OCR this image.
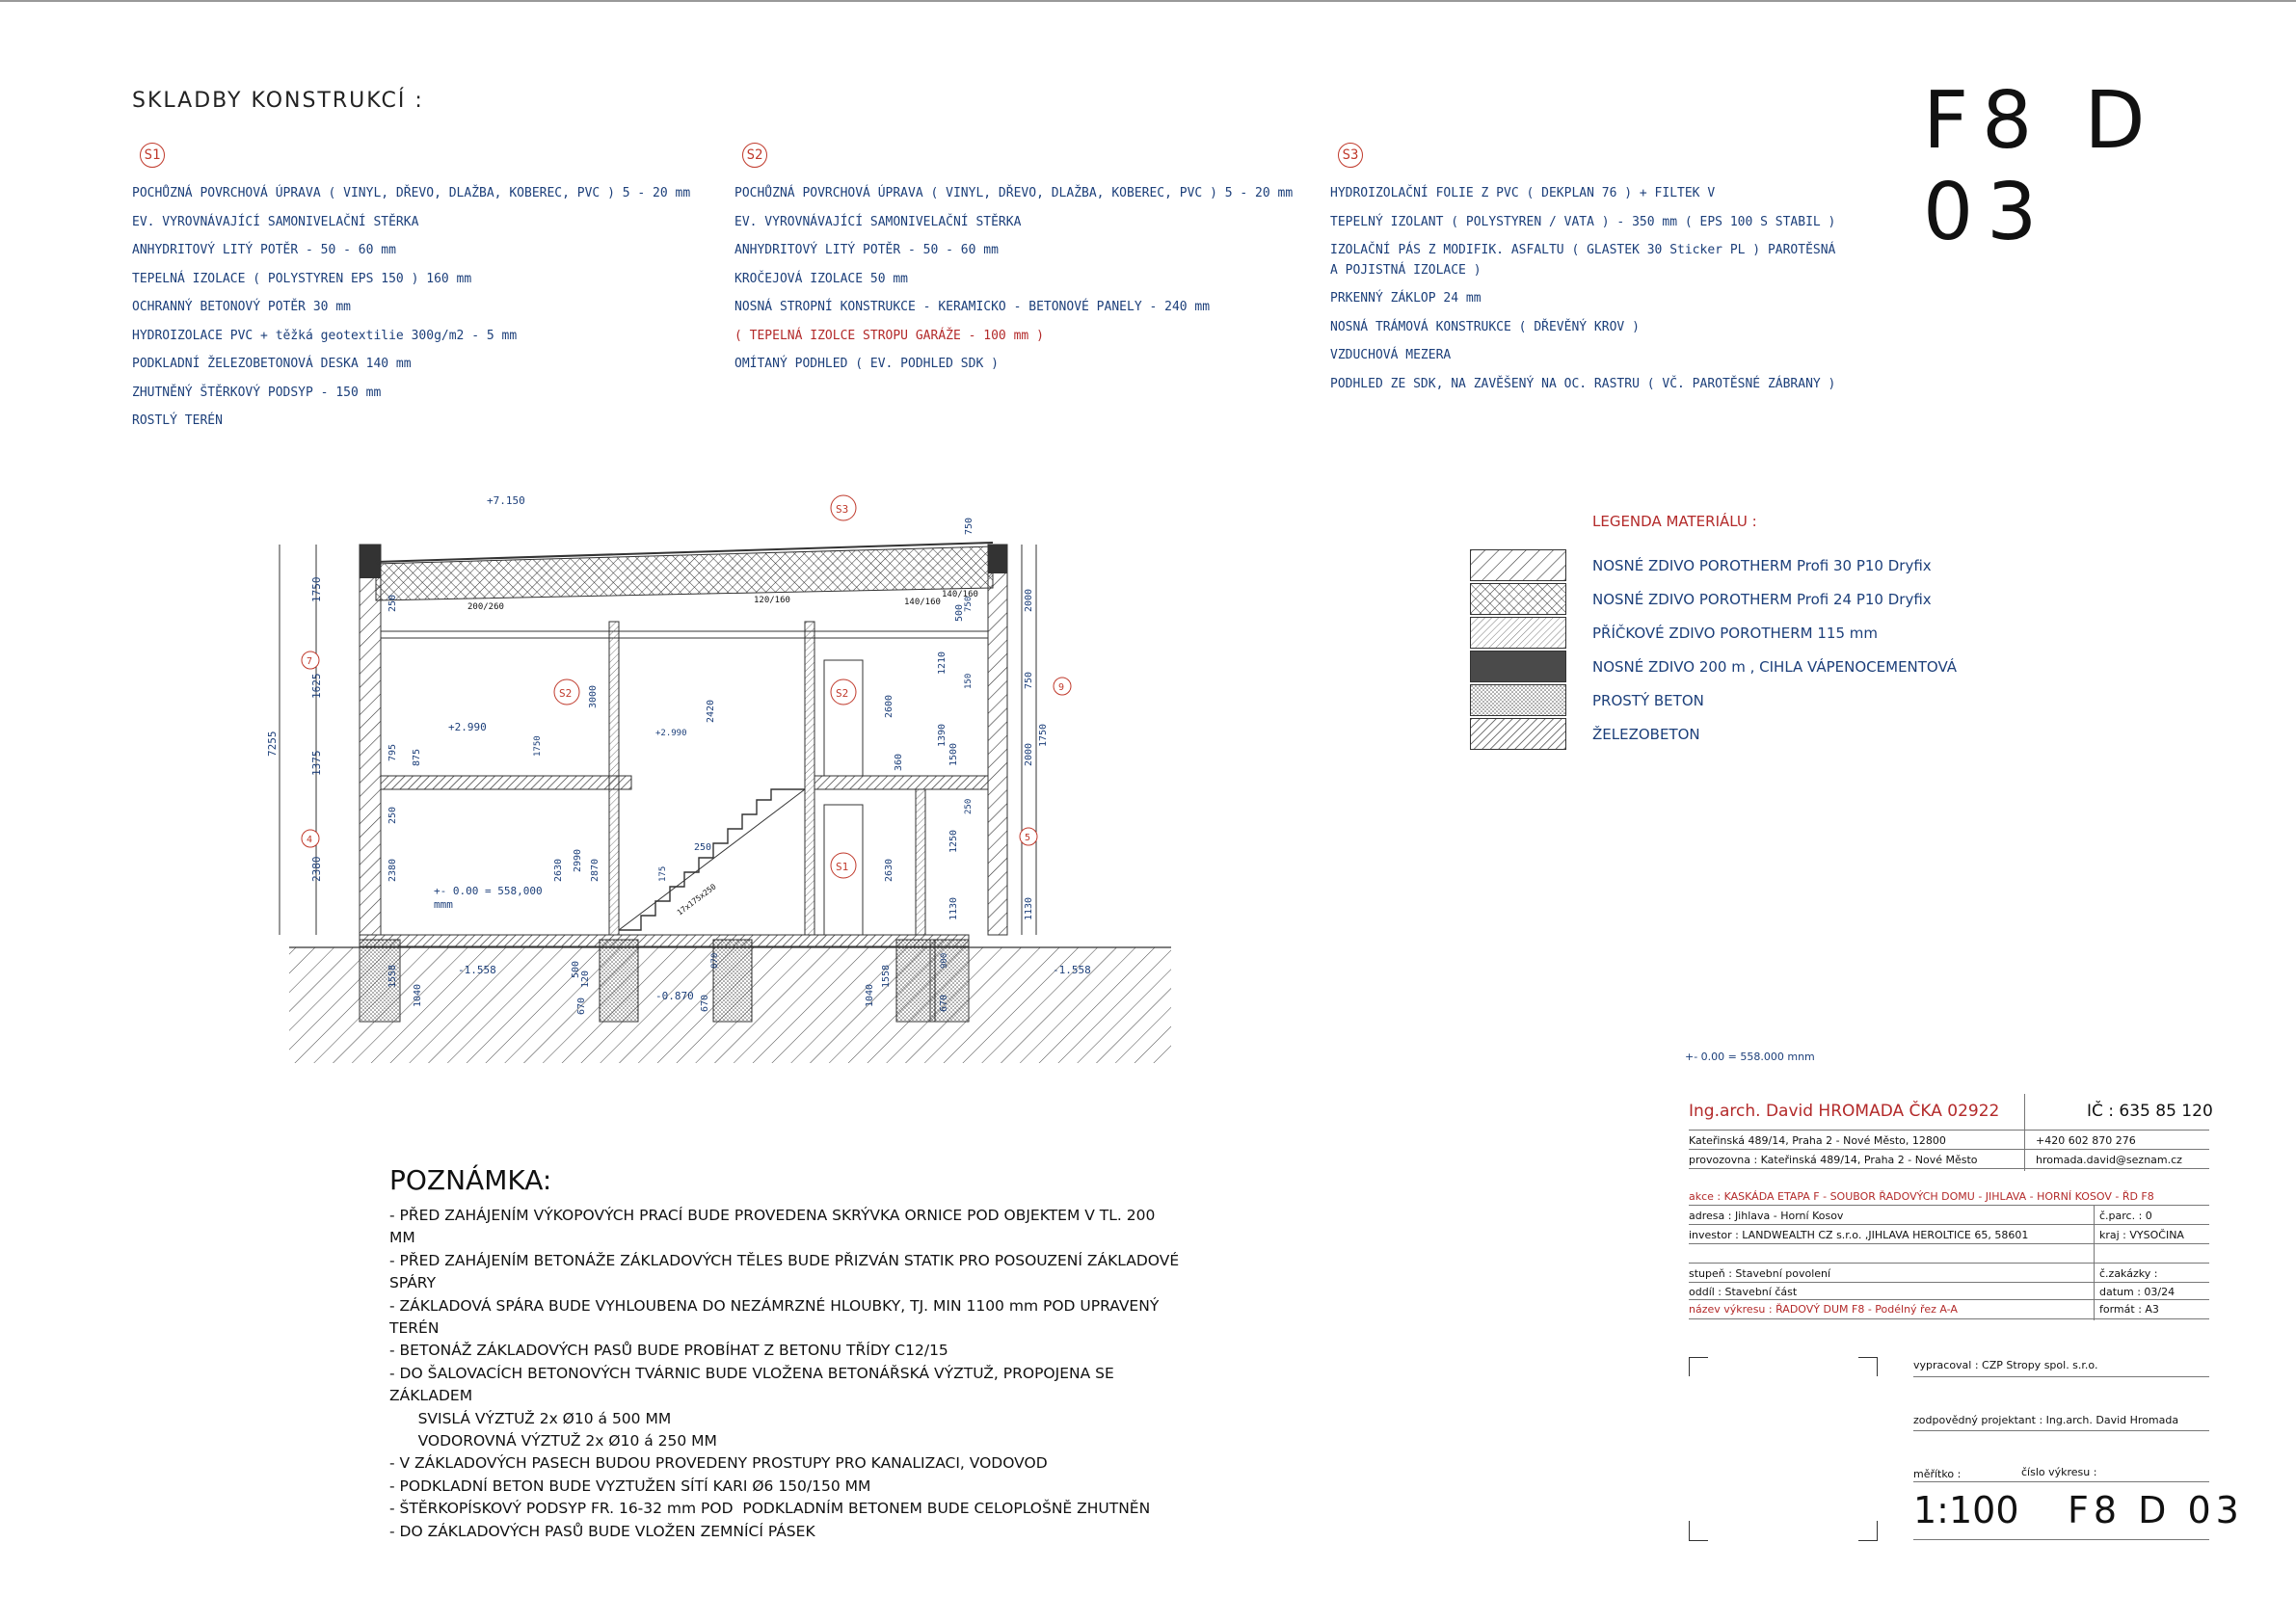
F8 D 03
SKLADBY KONSTRUKCÍ :
S1
POCHŮZNÁ POVRCHOVÁ ÚPRAVA ( VINYL, DŘEVO, DLAŽBA, KOBEREC, PVC ) 5 - 20 mm
EV. VYROVNÁVAJÍCÍ SAMONIVELAČNÍ STĚRKA
ANHYDRITOVÝ LITÝ POTĚR - 50 - 60 mm
TEPELNÁ IZOLACE ( POLYSTYREN EPS 150 ) 160 mm
OCHRANNÝ BETONOVÝ POTĚR 30 mm
HYDROIZOLACE PVC + těžká geotextilie 300g/m2 - 5 mm
PODKLADNÍ ŽELEZOBETONOVÁ DESKA 140 mm
ZHUTNĚNÝ ŠTĚRKOVÝ PODSYP - 150 mm
ROSTLÝ TERÉN
S2
POCHŮZNÁ POVRCHOVÁ ÚPRAVA ( VINYL, DŘEVO, DLAŽBA, KOBEREC, PVC ) 5 - 20 mm
EV. VYROVNÁVAJÍCÍ SAMONIVELAČNÍ STĚRKA
ANHYDRITOVÝ LITÝ POTĚR - 50 - 60 mm
KROČEJOVÁ IZOLACE 50 mm
NOSNÁ STROPNÍ KONSTRUKCE - KERAMICKO - BETONOVÉ PANELY - 240 mm
( TEPELNÁ IZOLCE STROPU GARÁŽE - 100 mm )
OMÍTANÝ PODHLED ( EV. PODHLED SDK )
S3
HYDROIZOLAČNÍ FOLIE Z PVC ( DEKPLAN 76 ) + FILTEK V
TEPELNÝ IZOLANT ( POLYSTYREN / VATA ) - 350 mm ( EPS 100 S STABIL )
IZOLAČNÍ PÁS Z MODIFIK. ASFALTU ( GLASTEK 30 Sticker PL ) PAROTĚSNÁ A POJISTNÁ IZOLACE )
PRKENNÝ ZÁKLOP 24 mm
NOSNÁ TRÁMOVÁ KONSTRUKCE ( DŘEVĚNÝ KROV )
VZDUCHOVÁ MEZERA
PODHLED ZE SDK, NA ZAVĚŠENÝ NA OC. RASTRU ( VČ. PAROTĚSNÉ ZÁBRANY )
LEGENDA MATERIÁLU :
NOSNÉ ZDIVO POROTHERM Profi 30 P10 Dryfix
NOSNÉ ZDIVO POROTHERM Profi 24 P10 Dryfix
PŘÍČKOVÉ ZDIVO POROTHERM 115 mm
NOSNÉ ZDIVO 200 m , CIHLA VÁPENOCEMENTOVÁ
PROSTÝ BETON
ŽELEZOBETON
+7.150
+2.990	+2.990
+- 0.00 = 558,000
mmm
-1.558
-0.870
-1.558
S2	S2
S1
S3
7
4
9
5
7255
1750
1625
1375
2380
250
795 875
250
2380
3000
1750
2630 2990 2870
2420	2600
360
2630
1210
1390
1500
1250
1130
500
750
150
250
2000
750
1750
2000
1130
750
1558
1040
120
500
670	670
870
1040
1558
670
900
175
250
200/260
120/160	140/160
140/160
17x175x250
+- 0.00 = 558.000 mnm
POZNÁMKA:
- PŘED ZAHÁJENÍM VÝKOPOVÝCH PRACÍ BUDE PROVEDENA SKRÝVKA ORNICE POD OBJEKTEM V TL. 200 MM
- PŘED ZAHÁJENÍM BETONÁŽE ZÁKLADOVÝCH TĚLES BUDE PŘIZVÁN STATIK PRO POSOUZENÍ ZÁKLADOVÉ
SPÁRY
- ZÁKLADOVÁ SPÁRA BUDE VYHLOUBENA DO NEZÁMRZNÉ HLOUBKY, TJ. MIN 1100 mm POD UPRAVENÝ
TERÉN
- BETONÁŽ ZÁKLADOVÝCH PASŮ BUDE PROBÍHAT Z BETONU TŘÍDY C12/15
- DO ŠALOVACÍCH BETONOVÝCH TVÁRNIC BUDE VLOŽENA BETONÁŘSKÁ VÝZTUŽ, PROPOJENA SE
ZÁKLADEM
SVISLÁ VÝZTUŽ 2x Ø10 á 500 MM
VODOROVNÁ VÝZTUŽ 2x Ø10 á 250 MM
- V ZÁKLADOVÝCH PASECH BUDOU PROVEDENY PROSTUPY PRO KANALIZACI, VODOVOD
- PODKLADNÍ BETON BUDE VYZTUŽEN SÍTÍ KARI Ø6 150/150 MM
- ŠTĚRKOPÍSKOVÝ PODSYP FR. 16-32 mm POD  PODKLADNÍM BETONEM BUDE CELOPLOŠNĚ ZHUTNĚN
- DO ZÁKLADOVÝCH PASŮ BUDE VLOŽEN ZEMNÍCÍ PÁSEK
Ing.arch. David HROMADA ČKA 02922	IČ : 635 85 120
Kateřinská 489/14, Praha 2 - Nové Město, 12800	+420 602 870 276
provozovna : Kateřinská 489/14, Praha 2 - Nové Město	hromada.david@seznam.cz
akce : KASKÁDA ETAPA F - SOUBOR ŘADOVÝCH DOMU - JIHLAVA - HORNÍ KOSOV - ŘD F8
adresa : Jihlava - Horní Kosov	č.parc. : 0
investor : LANDWEALTH CZ s.r.o. ,JIHLAVA HEROLTICE 65, 58601	kraj : VYSOČINA
stupeň : Stavební povolení	č.zakázky :
oddíl : Stavební část	datum : 03/24
název výkresu : ŘADOVÝ DUM F8 - Podélný řez A-A	formát : A3
vypracoval : CZP Stropy spol. s.r.o.
zodpovědný projektant : Ing.arch. David Hromada
měřítko :	číslo výkresu :
1:100 F8 D 03
